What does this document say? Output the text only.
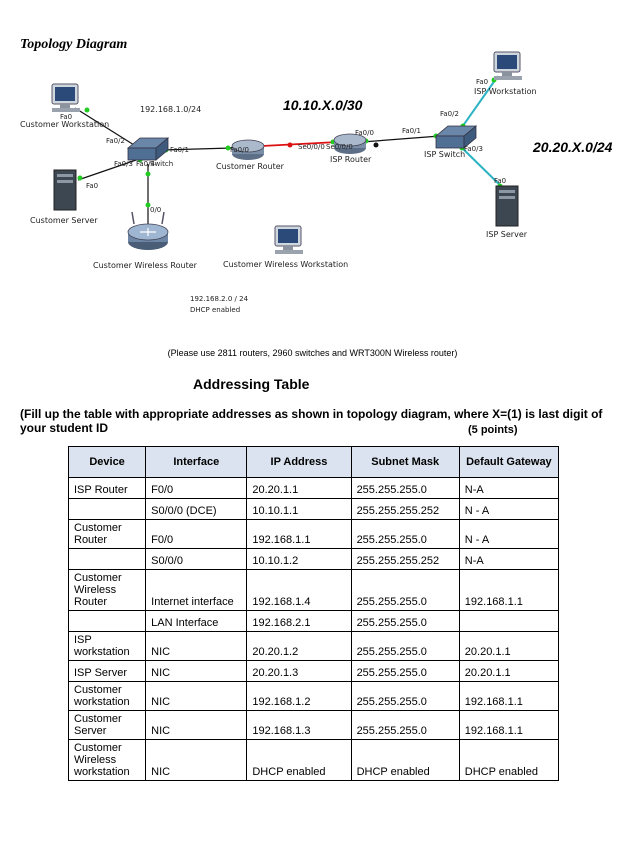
Topology Diagram
Customer Workstation
Customer Server
Customer Wireless Router	Customer Wireless Workstation
Customer Router
ISP Router
ISP Switch
ISP Workstation
ISP Server
Switch
192.168.1.0/24	10.10.X.0/30
20.20.X.0/24
192.168.2.0 / 24
DHCP enabled
Fa0
Fa0/2
Fa0/1
Fa0/3 Fa0/4
Fa0
0/0
Fa0/0	Se0/0/0
Fa0/0
Se0/0/0
Fa0/1
Fa0/2
Fa0/3
Fa0
Fa0
(Please use 2811 routers, 2960 switches and WRT300N Wireless router)
Addressing Table
(Fill up the table with appropriate addresses as shown in topology diagram, where X=(1) is last digit of your student ID	(5 points)
Device	Interface	IP Address	Subnet Mask	Default Gateway
ISP Router	F0/0	20.20.1.1	255.255.255.0	N-A
	S0/0/0 (DCE)	10.10.1.1	255.255.255.252	N - A
Customer Router	F0/0	192.168.1.1	255.255.255.0	N - A
	S0/0/0	10.10.1.2	255.255.255.252	N-A
Customer Wireless Router	Internet interface	192.168.1.4	255.255.255.0	192.168.1.1
	LAN Interface	192.168.2.1	255.255.255.0	
ISP workstation	NIC	20.20.1.2	255.255.255.0	20.20.1.1
ISP Server	NIC	20.20.1.3	255.255.255.0	20.20.1.1
Customer workstation	NIC	192.168.1.2	255.255.255.0	192.168.1.1
Customer Server	NIC	192.168.1.3	255.255.255.0	192.168.1.1
Customer Wireless workstation	NIC	DHCP enabled	DHCP enabled	DHCP enabled
